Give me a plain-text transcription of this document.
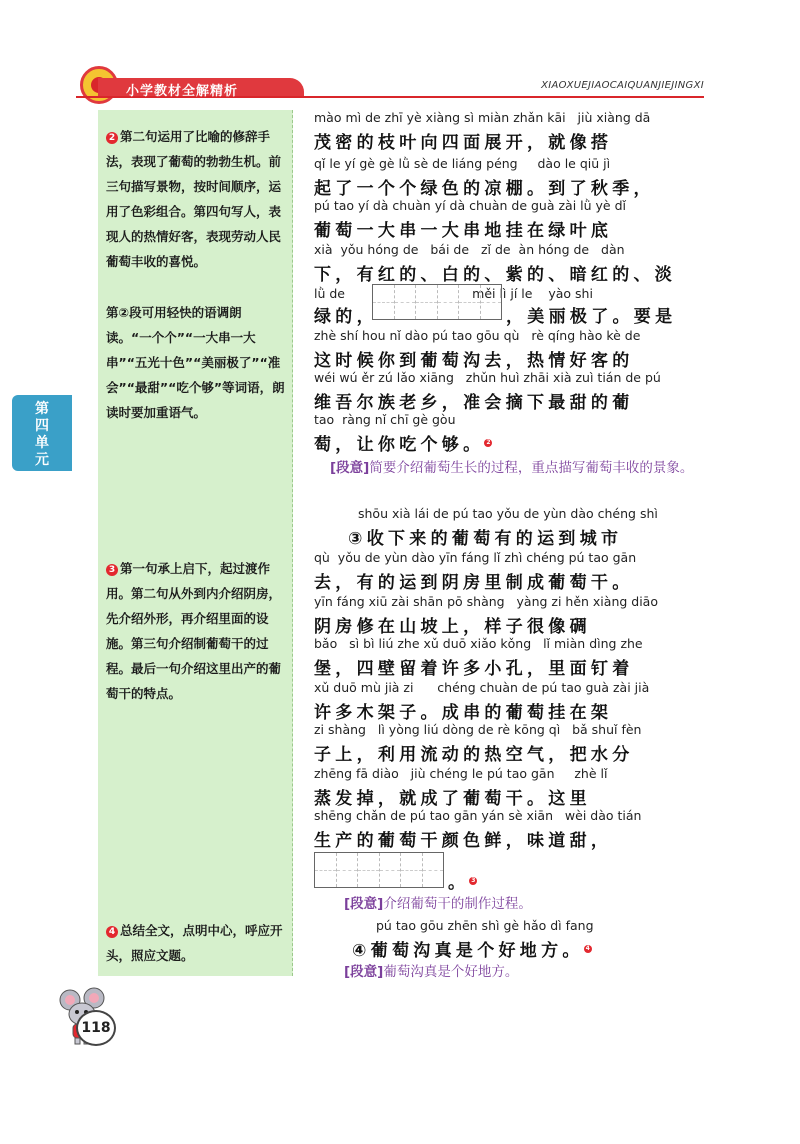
小学教材全解精析	XIAOXUEJIAOCAIQUANJIEJINGXI
2 第二句运用了比喻的修辞手法，表现了葡萄的勃勃生机。前三句描写景物，按时间顺序，运用了色彩组合。第四句写人，表现人的热情好客，表现劳动人民葡萄丰收的喜悦。
第②段可用轻快的语调朗读。“一个个”“一大串一大串”“五光十色”“美丽极了”“准会”“最甜”“吃个够”等词语，朗读时要加重语气。
3 第一句承上启下，起过渡作用。第二句从外到内介绍阴房，先介绍外形，再介绍里面的设施。第三句介绍制葡萄干的过程。最后一句介绍这里出产的葡萄干的特点。
4 总结全文，点明中心，呼应开头，照应文题。
第
四
单
元
mào mì de zhī yè xiàng sì miàn zhǎn kāi   jiù xiàng dā
茂密的枝叶向四面展开，就像搭
qǐ le yí gè gè lǜ sè de liáng péng     dào le qiū jì
起了一个个绿色的凉棚。到了秋季，
pú tao yí dà chuàn yí dà chuàn de guà zài lǜ yè dǐ
葡萄一大串一大串地挂在绿叶底
xià  yǒu hóng de   bái de   zǐ de  àn hóng de   dàn
下，有红的、白的、紫的、暗红的、淡
lǜ de                                měi lì jí le    yào shi
绿的，	，美丽极了。要是
zhè shí hou nǐ dào pú tao gōu qù   rè qíng hào kè de
这时候你到葡萄沟去，热情好客的
wéi wú ěr zú lǎo xiāng   zhǔn huì zhāi xià zuì tián de pú
维吾尔族老乡，准会摘下最甜的葡
tao  ràng nǐ chī gè gòu
萄，让你吃个够。 2
[段意]简要介绍葡萄生长的过程，重点描写葡萄丰收的景象。
shōu xià lái de pú tao yǒu de yùn dào chéng shì
③收下来的葡萄有的运到城市
qù  yǒu de yùn dào yīn fáng lǐ zhì chéng pú tao gān
去，有的运到阴房里制成葡萄干。
yīn fáng xiū zài shān pō shàng   yàng zi hěn xiàng diāo
阴房修在山坡上，样子很像碉
bǎo   sì bì liú zhe xǔ duō xiǎo kǒng   lǐ miàn dìng zhe
堡，四壁留着许多小孔，里面钉着
xǔ duō mù jià zi      chéng chuàn de pú tao guà zài jià
许多木架子。成串的葡萄挂在架
zi shàng   lì yòng liú dòng de rè kōng qì   bǎ shuǐ fèn
子上，利用流动的热空气，把水分
zhēng fā diào   jiù chéng le pú tao gān     zhè lǐ
蒸发掉，就成了葡萄干。这里
shēng chǎn de pú tao gān yán sè xiān   wèi dào tián
生产的葡萄干颜色鲜，味道甜，
。 3
[段意]介绍葡萄干的制作过程。
pú tao gōu zhēn shì gè hǎo dì fang
④葡萄沟真是个好地方。 4
[段意]葡萄沟真是个好地方。
118
